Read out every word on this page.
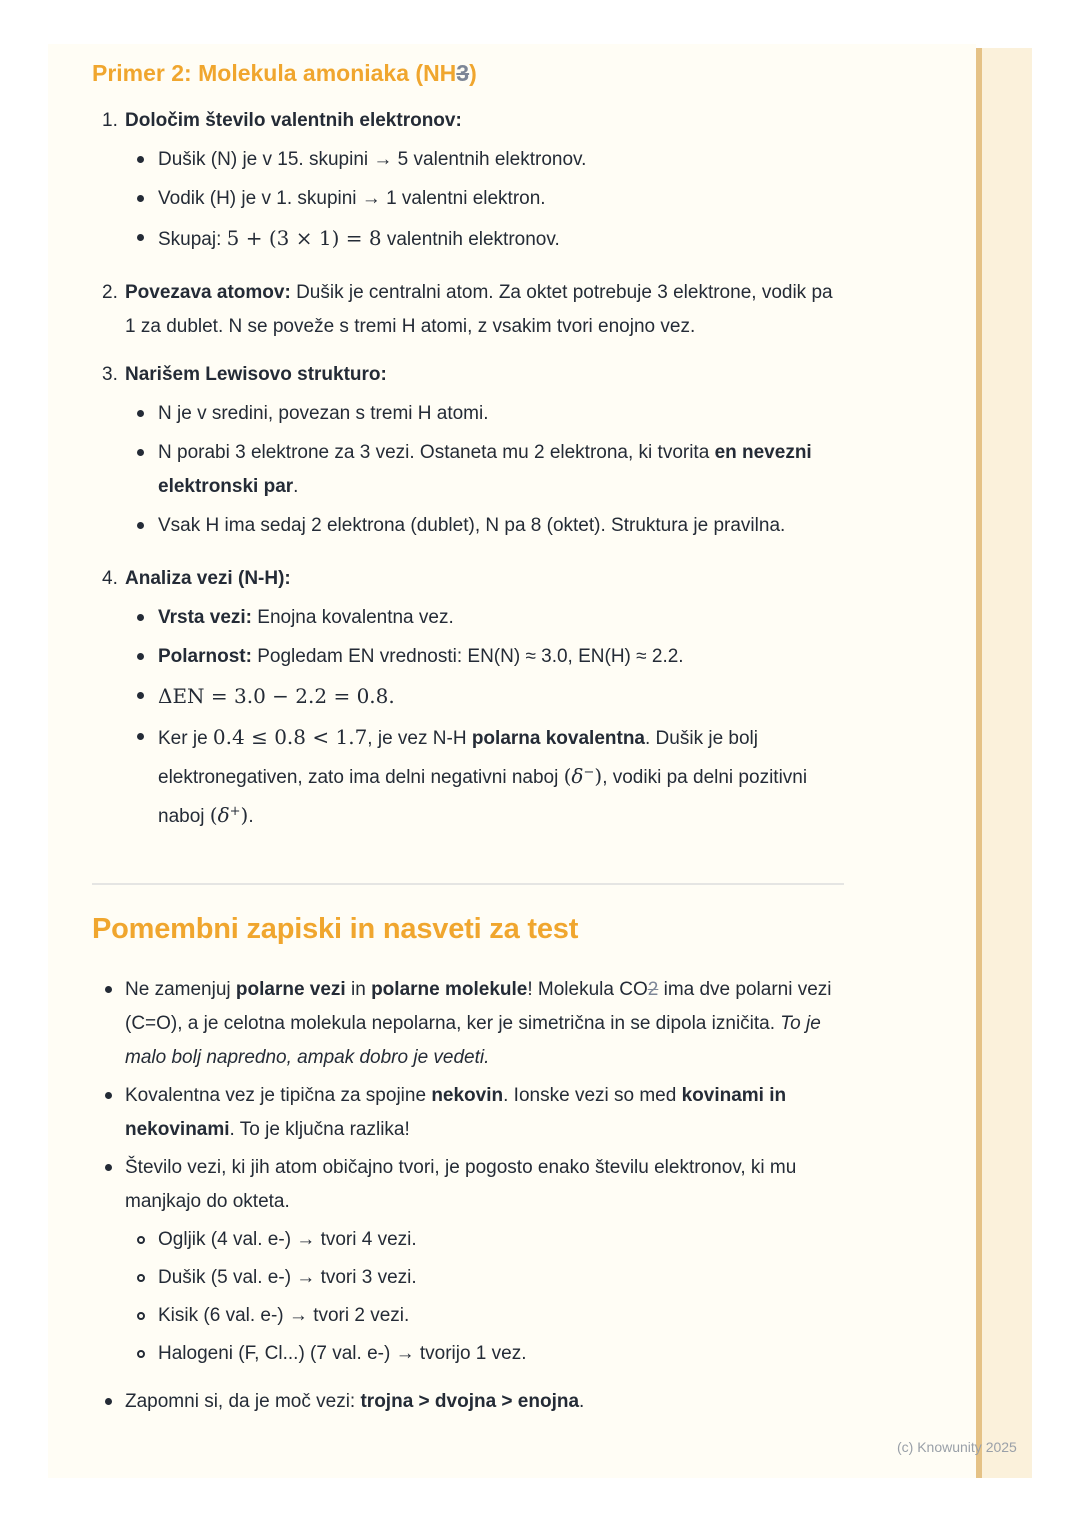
Primer 2: Molekula amoniaka (NH3)
1. Določim število valentnih elektronov:

Dušik (N) je v 15. skupini → 5 valentnih elektronov.
Vodik (H) je v 1. skupini → 1 valentni elektron.
Skupaj: 5 + (3 × 1) = 8 valentnih elektronov.
2. Povezava atomov: Dušik je centralni atom. Za oktet potrebuje 3 elektrone, vodik pa 1 za dublet. N se poveže s tremi H atomi, z vsakim tvori enojno vez.

3. Narišem Lewisovo strukturo:

N je v sredini, povezan s tremi H atomi.
N porabi 3 elektrone za 3 vezi. Ostaneta mu 2 elektrona, ki tvorita en nevezni elektronski par.
Vsak H ima sedaj 2 elektrona (dublet), N pa 8 (oktet). Struktura je pravilna.
4. Analiza vezi (N-H):

Vrsta vezi: Enojna kovalentna vez.
Polarnost: Pogledam EN vrednosti: EN(N) ≈ 3.0, EN(H) ≈ 2.2.
ΔEN = 3.0 − 2.2 = 0.8.
Ker je 0.4 ≤ 0.8 < 1.7, je vez N-H polarna kovalentna. Dušik je bolj elektronegativen, zato ima delni negativni naboj (δ−), vodiki pa delni pozitivni naboj (δ+).
Pomembni zapiski in nasveti za test
Ne zamenjuj polarne vezi in polarne molekule! Molekula CO2 ima dve polarni vezi (C=O), a je celotna molekula nepolarna, ker je simetrična in se dipola izničita. To je malo bolj napredno, ampak dobro je vedeti.
Kovalentna vez je tipična za spojine nekovin. Ionske vezi so med kovinami in nekovinami. To je ključna razlika!
Število vezi, ki jih atom običajno tvori, je pogosto enako številu elektronov, ki mu manjkajo do okteta.
Ogljik (4 val. e-) → tvori 4 vezi.
Dušik (5 val. e-) → tvori 3 vezi.
Kisik (6 val. e-) → tvori 2 vezi.
Halogeni (F, Cl...) (7 val. e-) → tvorijo 1 vez.
Zapomni si, da je moč vezi: trojna > dvojna > enojna.
(c) Knowunity 2025
